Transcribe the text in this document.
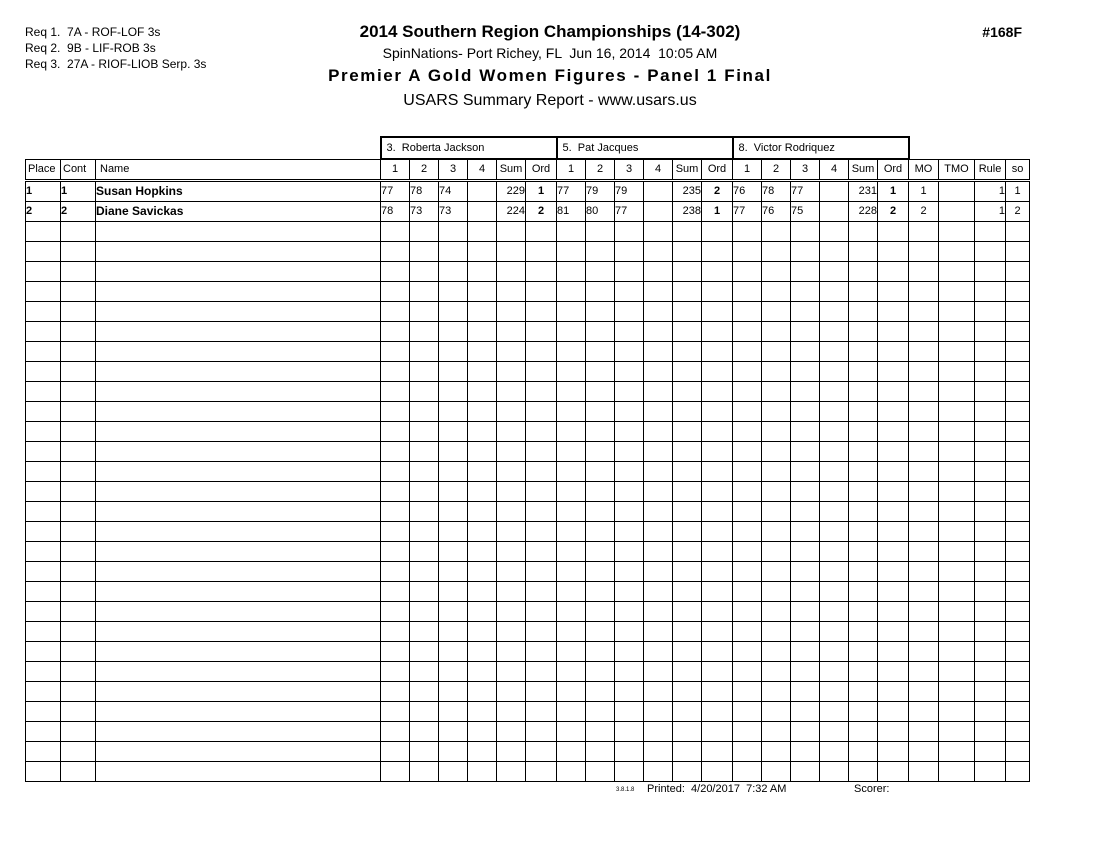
Req 1.  7A - ROF-LOF 3s
Req 2.  9B - LIF-ROB 3s
Req 3.  27A - RIOF-LIOB Serp. 3s
2014 Southern Region Championships (14-302)
SpinNations- Port Richey, FL  Jun 16, 2014  10:05 AM
Premier A Gold Women Figures - Panel 1 Final
USARS Summary Report - www.usars.us
#168F
			3.  Roberta Jackson						5.  Pat Jacques						8.  Victor Rodriquez									
Place	Cont	Name	1	2	3	4	Sum	Ord	1	2	3	4	Sum	Ord	1	2	3	4	Sum	Ord	MO	TMO	Rule	so
1	1	Susan Hopkins	77	78	74		229	1	77	79	79		235	2	76	78	77		231	1	1		1	1
2	2	Diane Savickas	78	73	73		224	2	81	80	77		238	1	77	76	75		228	2	2		1	2

3.8.1.8 Printed:  4/20/2017  7:32 AM	Scorer:
